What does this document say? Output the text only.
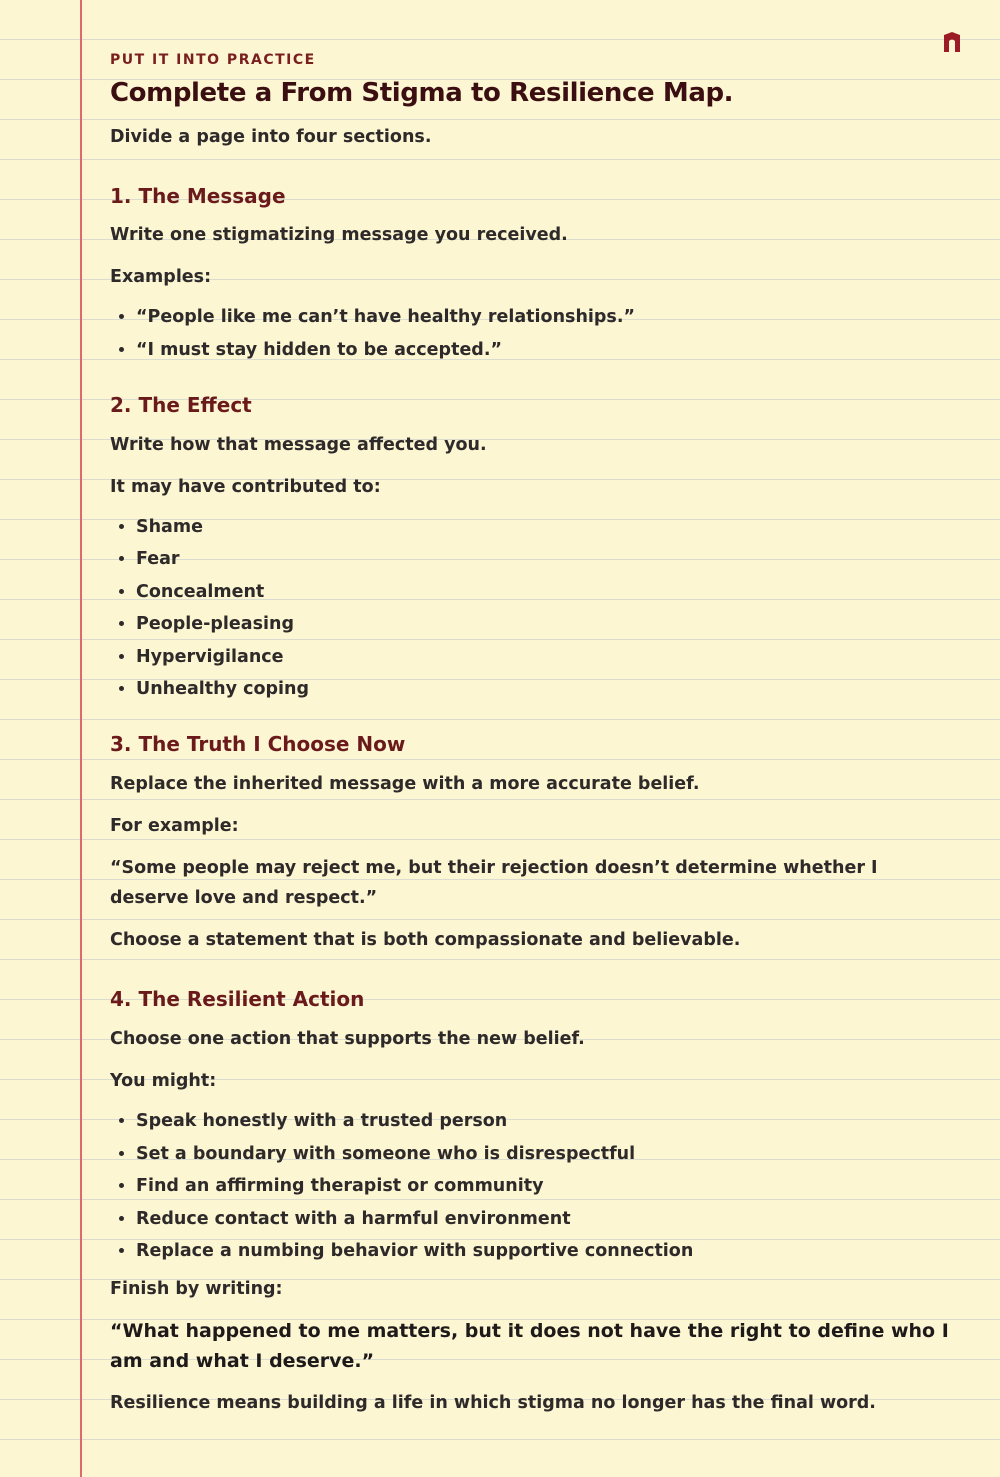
PUT IT INTO PRACTICE
Complete a From Stigma to Resilience Map.

Divide a page into four sections.

1. The Message

Write one stigmatizing message you received.

Examples:

• “People like me can’t have healthy relationships.”
• “I must stay hidden to be accepted.”
2. The Effect

Write how that message affected you.

It may have contributed to:

• Shame
• Fear
• Concealment
• People-pleasing
• Hypervigilance
• Unhealthy coping
3. The Truth I Choose Now

Replace the inherited message with a more accurate belief.

For example:

“Some people may reject me, but their rejection doesn’t determine whether I deserve love and respect.”

Choose a statement that is both compassionate and believable.

4. The Resilient Action

Choose one action that supports the new belief.

You might:

• Speak honestly with a trusted person
• Set a boundary with someone who is disrespectful
• Find an affirming therapist or community
• Reduce contact with a harmful environment
• Replace a numbing behavior with supportive connection

Finish by writing:

“What happened to me matters, but it does not have the right to define who I am and what I deserve.”

Resilience means building a life in which stigma no longer has the final word.
